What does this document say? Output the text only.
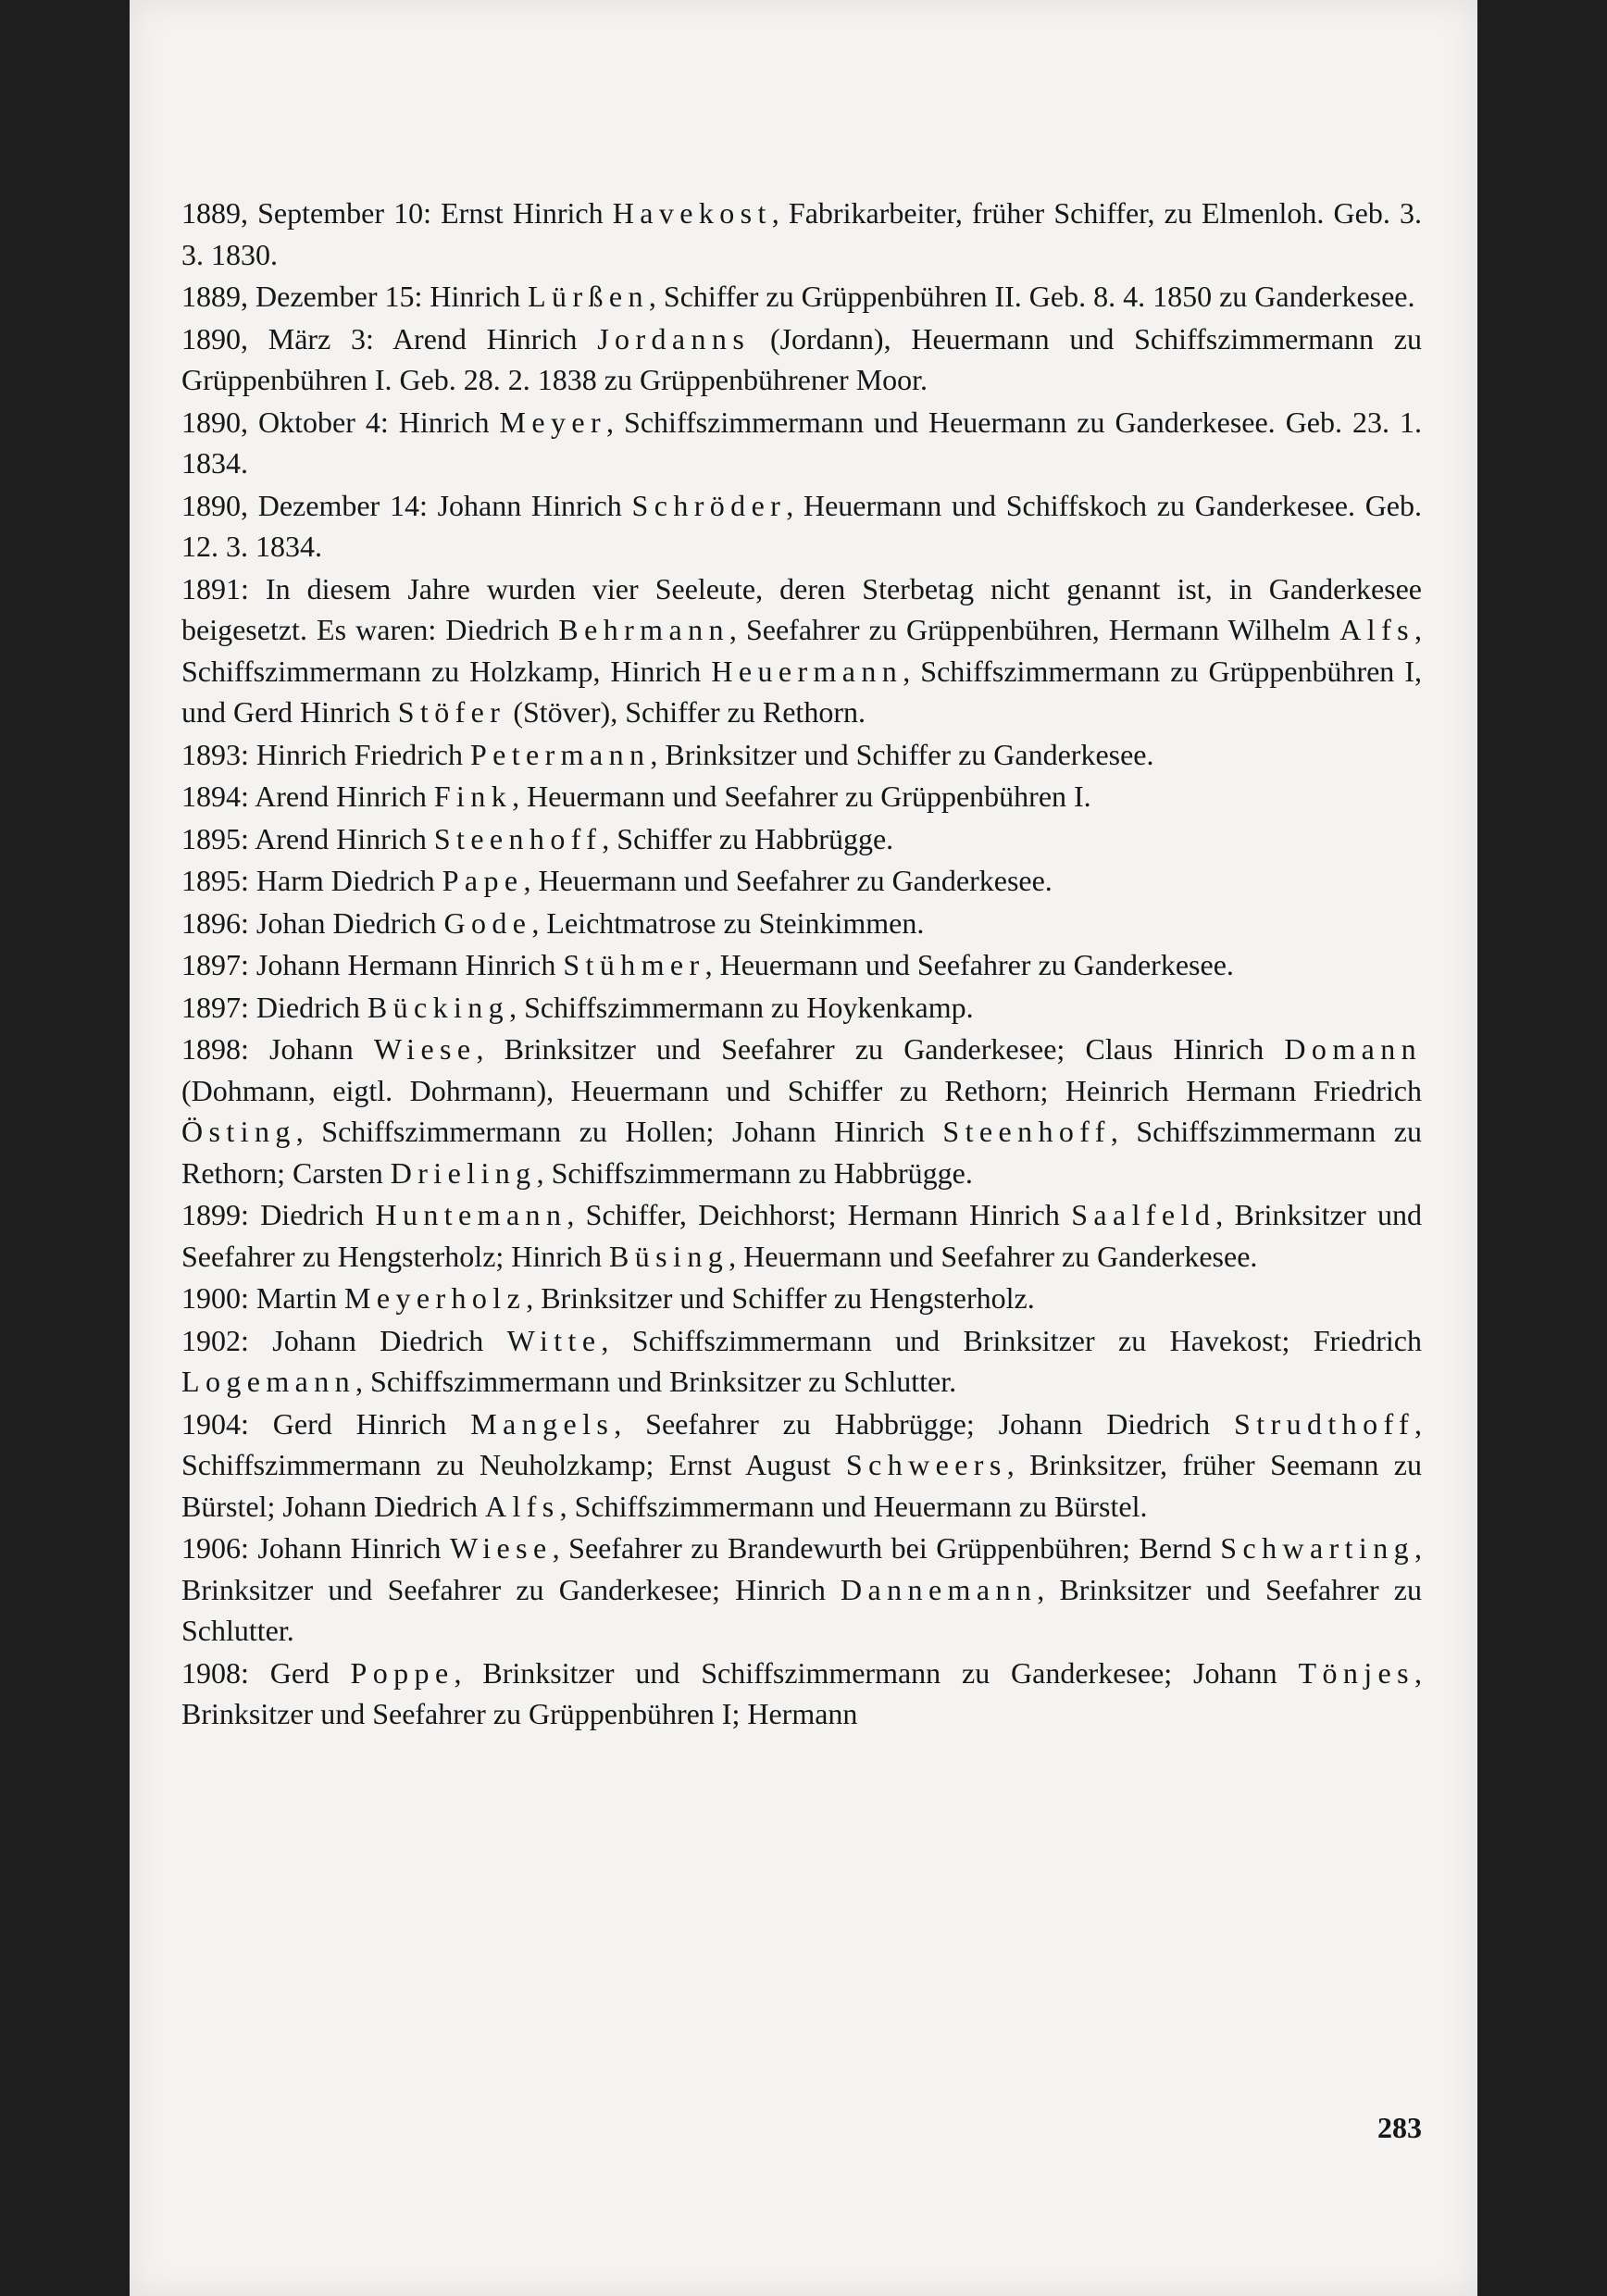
1889, September 10: Ernst Hinrich Havekost, Fabrikarbeiter, früher Schiffer, zu Elmenloh. Geb. 3. 3. 1830.

1889, Dezember 15: Hinrich Lürßen, Schiffer zu Grüppenbühren II. Geb. 8. 4. 1850 zu Ganderkesee.

1890, März 3: Arend Hinrich Jordanns (Jordann), Heuermann und Schiffszimmermann zu Grüppenbühren I. Geb. 28. 2. 1838 zu Grüppenbührener Moor.

1890, Oktober 4: Hinrich Meyer, Schiffszimmermann und Heuermann zu Ganderkesee. Geb. 23. 1. 1834.

1890, Dezember 14: Johann Hinrich Schröder, Heuermann und Schiffskoch zu Ganderkesee. Geb. 12. 3. 1834.

1891: In diesem Jahre wurden vier Seeleute, deren Sterbetag nicht genannt ist, in Ganderkesee beigesetzt. Es waren: Diedrich Behrmann, Seefahrer zu Grüppenbühren, Hermann Wilhelm Alfs, Schiffszimmermann zu Holzkamp, Hinrich Heuermann, Schiffszimmermann zu Grüppenbühren I, und Gerd Hinrich Stöfer (Stöver), Schiffer zu Rethorn.

1893: Hinrich Friedrich Petermann, Brinksitzer und Schiffer zu Ganderkesee.

1894: Arend Hinrich Fink, Heuermann und Seefahrer zu Grüppenbühren I.

1895: Arend Hinrich Steenhoff, Schiffer zu Habbrügge.

1895: Harm Diedrich Pape, Heuermann und Seefahrer zu Ganderkesee.

1896: Johan Diedrich Gode, Leichtmatrose zu Steinkimmen.

1897: Johann Hermann Hinrich Stühmer, Heuermann und Seefahrer zu Ganderkesee.

1897: Diedrich Bücking, Schiffszimmermann zu Hoykenkamp.

1898: Johann Wiese, Brinksitzer und Seefahrer zu Ganderkesee; Claus Hinrich Domann (Dohmann, eigtl. Dohrmann), Heuermann und Schiffer zu Rethorn; Heinrich Hermann Friedrich Östing, Schiffszimmermann zu Hollen; Johann Hinrich Steenhoff, Schiffszimmermann zu Rethorn; Carsten Drieling, Schiffszimmermann zu Habbrügge.

1899: Diedrich Huntemann, Schiffer, Deichhorst; Hermann Hinrich Saalfeld, Brinksitzer und Seefahrer zu Hengsterholz; Hinrich Büsing, Heuermann und Seefahrer zu Ganderkesee.

1900: Martin Meyerholz, Brinksitzer und Schiffer zu Hengsterholz.

1902: Johann Diedrich Witte, Schiffszimmermann und Brinksitzer zu Havekost; Friedrich Logemann, Schiffszimmermann und Brinksitzer zu Schlutter.

1904: Gerd Hinrich Mangels, Seefahrer zu Habbrügge; Johann Diedrich Strudthoff, Schiffszimmermann zu Neuholzkamp; Ernst August Schweers, Brinksitzer, früher Seemann zu Bürstel; Johann Diedrich Alfs, Schiffszimmermann und Heuermann zu Bürstel.

1906: Johann Hinrich Wiese, Seefahrer zu Brandewurth bei Grüppenbühren; Bernd Schwarting, Brinksitzer und Seefahrer zu Ganderkesee; Hinrich Dannemann, Brinksitzer und Seefahrer zu Schlutter.

1908: Gerd Poppe, Brinksitzer und Schiffszimmermann zu Ganderkesee; Johann Tönjes, Brinksitzer und Seefahrer zu Grüppenbühren I; Hermann

283
